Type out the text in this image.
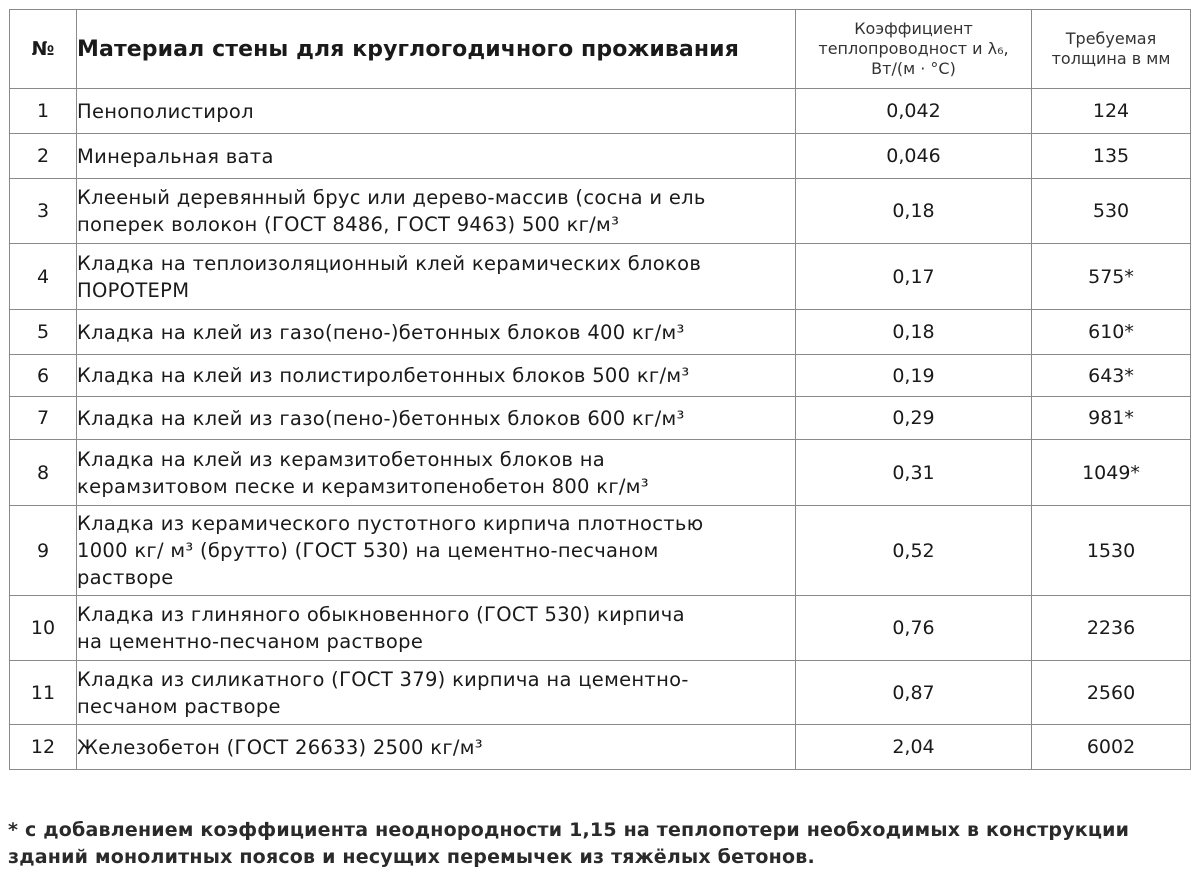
№	Материал стены для круглогодичного проживания	Коэффициент теплопроводност и λ₆, Вт/(м · °С)	Требуемая толщина в мм
1	Пенополистирол	0,042	124
2	Минеральная вата	0,046	135
3	Клееный деревянный брус или дерево-массив (сосна и ель
поперек волокон (ГОСТ 8486, ГОСТ 9463) 500 кг/м³	0,18	530
4	Кладка на теплоизоляционный клей керамических блоков
ПОРОТЕРМ	0,17	575*
5	Кладка на клей из газо(пено-)бетонных блоков 400 кг/м³	0,18	610*
6	Кладка на клей из полистиролбетонных блоков 500 кг/м³	0,19	643*
7	Кладка на клей из газо(пено-)бетонных блоков 600 кг/м³	0,29	981*
8	Кладка на клей из керамзитобетонных блоков на
керамзитовом песке и керамзитопенобетон 800 кг/м³	0,31	1049*
9	Кладка из керамического пустотного кирпича плотностью
1000 кг/ м³ (брутто) (ГОСТ 530) на цементно-песчаном
растворе	0,52	1530
10	Кладка из глиняного обыкновенного (ГОСТ 530) кирпича
на цементно-песчаном растворе	0,76	2236
11	Кладка из силикатного (ГОСТ 379) кирпича на цементно-
песчаном растворе	0,87	2560
12	Железобетон (ГОСТ 26633) 2500 кг/м³	2,04	6002
* с добавлением коэффициента неоднородности 1,15 на теплопотери необходимых в конструкции
зданий монолитных поясов и несущих перемычек из тяжёлых бетонов.
